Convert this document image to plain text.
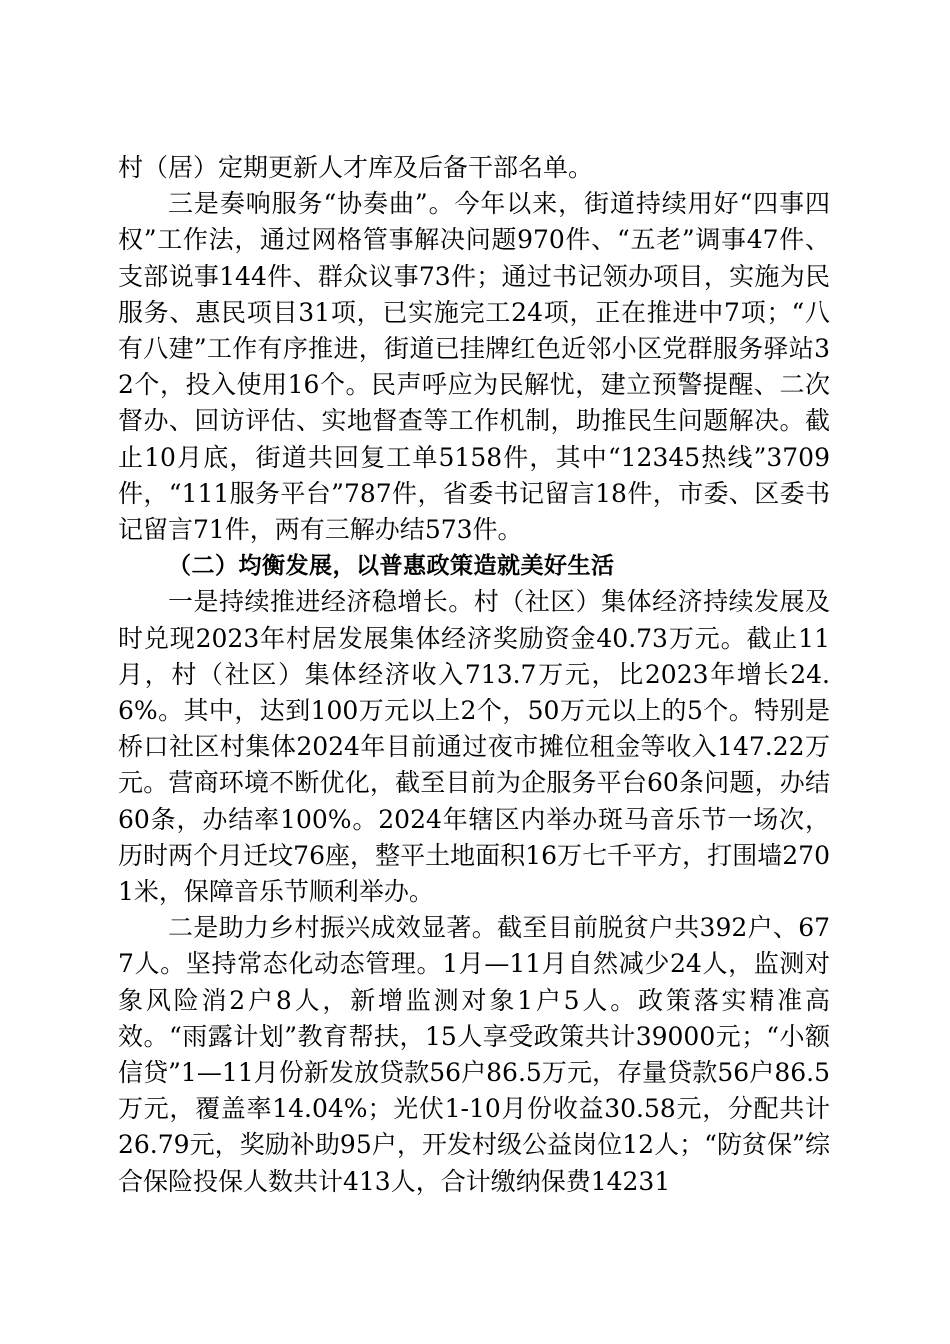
村（居）定期更新人才库及后备干部名单。

三是奏响服务“协奏曲”。今年以来，街道持续用好“四事四权”工作法，通过网格管事解决问题970件、“五老”调事47件、支部说事144件、群众议事73件；通过书记领办项目，实施为民服务、惠民项目31项，已实施完工24项，正在推进中7项；“八有八建”工作有序推进，街道已挂牌红色近邻小区党群服务驿站32个，投入使用16个。民声呼应为民解忧，建立预警提醒、二次督办、回访评估、实地督查等工作机制，助推民生问题解决。截止10月底，街道共回复工单5158件，其中“12345热线”3709件，“111服务平台”787件，省委书记留言18件，市委、区委书记留言71件，两有三解办结573件。

（二）均衡发展，以普惠政策造就美好生活

一是持续推进经济稳增长。村（社区）集体经济持续发展及时兑现2023年村居发展集体经济奖励资金40.73万元。截止11月，村（社区）集体经济收入713.7万元，比2023年增长24.6%。其中，达到100万元以上2个，50万元以上的5个。特别是桥口社区村集体2024年目前通过夜市摊位租金等收入147.22万元。营商环境不断优化，截至目前为企服务平台60条问题，办结60条，办结率100%。2024年辖区内举办斑马音乐节一场次，历时两个月迁坟76座，整平土地面积16万七千平方，打围墙2701米，保障音乐节顺利举办。

二是助力乡村振兴成效显著。截至目前脱贫户共392户、677人。坚持常态化动态管理。1月—11月自然减少24人，监测对象风险消2户8人，新增监测对象1户5人。政策落实精准高效。“雨露计划”教育帮扶，15人享受政策共计39000元；“小额信贷”1—11月份新发放贷款56户86.5万元，存量贷款56户86.5万元，覆盖率14.04%；光伏1-10月份收益30.58元，分配共计26.79元，奖励补助95户，开发村级公益岗位12人；“防贫保”综合保险投保人数共计413人，合计缴纳保费14231
